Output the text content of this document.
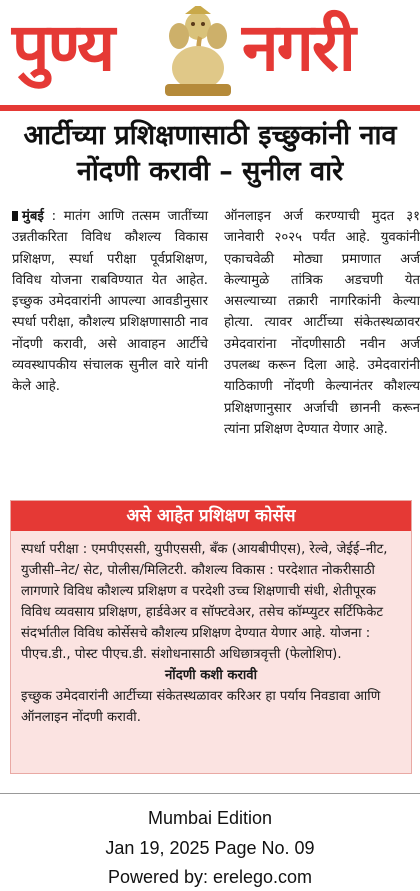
पुण्य नगरी
आर्टीच्या प्रशिक्षणासाठी इच्छुकांनी नाव नोंदणी करावी – सुनील वारे

मुंबई : मातंग आणि तत्सम जातींच्या उन्नतीकरिता विविध कौशल्य विकास प्रशिक्षण, स्पर्धा परीक्षा पूर्वप्रशिक्षण, विविध योजना राबविण्यात येत आहेत. इच्छुक उमेदवारांनी आपल्या आवडीनुसार स्पर्धा परीक्षा, कौशल्य प्रशिक्षणासाठी नाव नोंदणी करावी, असे आवाहन आर्टीचे व्यवस्थापकीय संचालक सुनील वारे यांनी केले आहे.

ऑनलाइन अर्ज करण्याची मुदत ३१ जानेवारी २०२५ पर्यंत आहे. युवकांनी एकाचवेळी मोठ्या प्रमाणात अर्ज केल्यामुळे तांत्रिक अडचणी येत असल्याच्या तक्रारी नागरिकांनी केल्या होत्या. त्यावर आर्टीच्या संकेतस्थळावर उमेदवारांना नोंदणीसाठी नवीन अर्ज उपलब्ध करून दिला आहे. उमेदवारांनी याठिकाणी नोंदणी केल्यानंतर कौशल्य प्रशिक्षणानुसार अर्जाची छाननी करून त्यांना प्रशिक्षण देण्यात येणार आहे.

असे आहेत प्रशिक्षण कोर्सेस

स्पर्धा परीक्षा : एमपीएससी, युपीएससी, बँक (आयबीपीएस), रेल्वे, जेईई–नीट, युजीसी–नेट/ सेट, पोलीस/मिलिटरी. कौशल्य विकास : परदेशात नोकरीसाठी लागणारे विविध कौशल्य प्रशिक्षण व परदेशी उच्च शिक्षणाची संधी, शेतीपूरक विविध व्यवसाय प्रशिक्षण, हार्डवेअर व सॉफ्टवेअर, तसेच कॉम्प्युटर सर्टिफिकेट संदर्भातील विविध कोर्सेसचे कौशल्य प्रशिक्षण देण्यात येणार आहे. योजना : पीएच.डी., पोस्ट पीएच.डी. संशोधनासाठी अधिछात्रवृत्ती (फेलोशिप).

नोंदणी कशी करावी

इच्छुक उमेदवारांनी आर्टीच्या संकेतस्थळावर करिअर हा पर्याय निवडावा आणि ऑनलाइन नोंदणी करावी.

Mumbai Edition
Jan 19, 2025 Page No. 09
Powered by: erelego.com
